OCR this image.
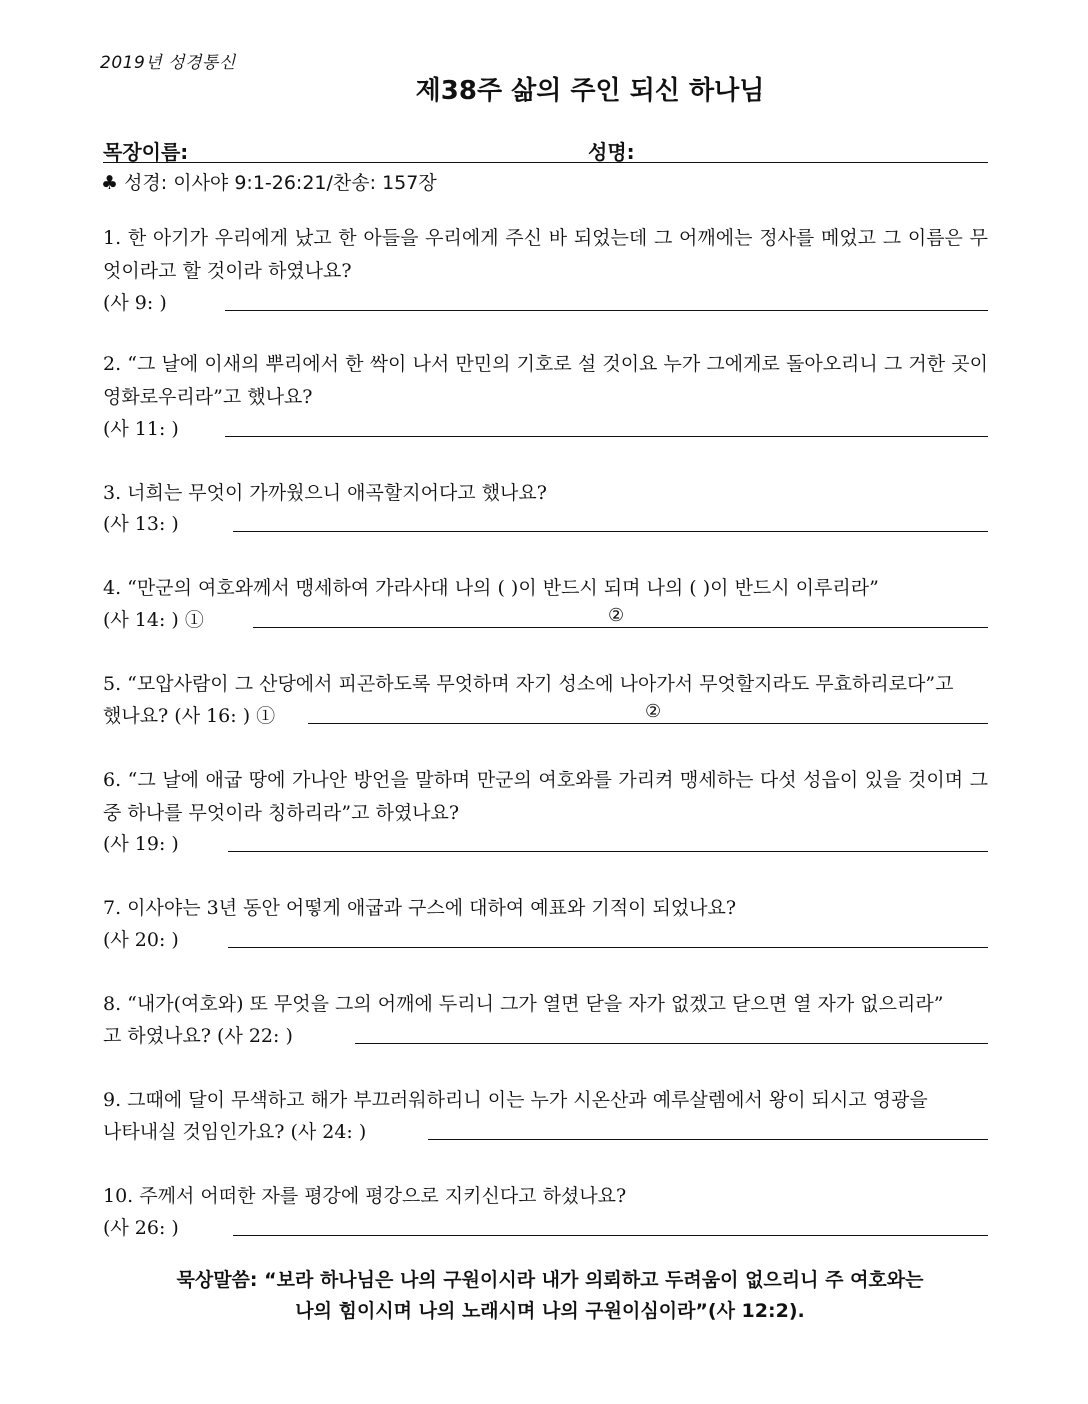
2019년 성경통신
제38주 삶의 주인 되신 하나님
목장이름:	성명:
♣ 성경: 이사야 9:1-26:21/찬송: 157장
1. 한 아기가 우리에게 났고 한 아들을 우리에게 주신 바 되었는데 그 어깨에는 정사를 메었고 그 이름은 무엇이라고 할 것이라 하였나요?
(사 9: )
2. “그 날에 이새의 뿌리에서 한 싹이 나서 만민의 기호로 설 것이요 누가 그에게로 돌아오리니 그 거한 곳이 영화로우리라”고 했나요?
(사 11: )
3. 너희는 무엇이 가까웠으니 애곡할지어다고 했나요?
(사 13: )
4. “만군의 여호와께서 맹세하여 가라사대 나의 ( )이 반드시 되며 나의 ( )이 반드시 이루리라”
(사 14: ) ①	②
5. “모압사람이 그 산당에서 피곤하도록 무엇하며 자기 성소에 나아가서 무엇할지라도 무효하리로다”고
했나요? (사 16: ) ①	②
6. “그 날에 애굽 땅에 가나안 방언을 말하며 만군의 여호와를 가리켜 맹세하는 다섯 성읍이 있을 것이며 그 중 하나를 무엇이라 칭하리라”고 하였나요?
(사 19: )
7. 이사야는 3년 동안 어떻게 애굽과 구스에 대하여 예표와 기적이 되었나요?
(사 20: )
8. “내가(여호와) 또 무엇을 그의 어깨에 두리니 그가 열면 닫을 자가 없겠고 닫으면 열 자가 없으리라”
고 하였나요? (사 22: )
9. 그때에 달이 무색하고 해가 부끄러워하리니 이는 누가 시온산과 예루살렘에서 왕이 되시고 영광을
나타내실 것임인가요? (사 24: )
10. 주께서 어떠한 자를 평강에 평강으로 지키신다고 하셨나요?
(사 26: )
묵상말씀: “보라 하나님은 나의 구원이시라 내가 의뢰하고 두려움이 없으리니 주 여호와는
나의 힘이시며 나의 노래시며 나의 구원이심이라”(사 12:2).
